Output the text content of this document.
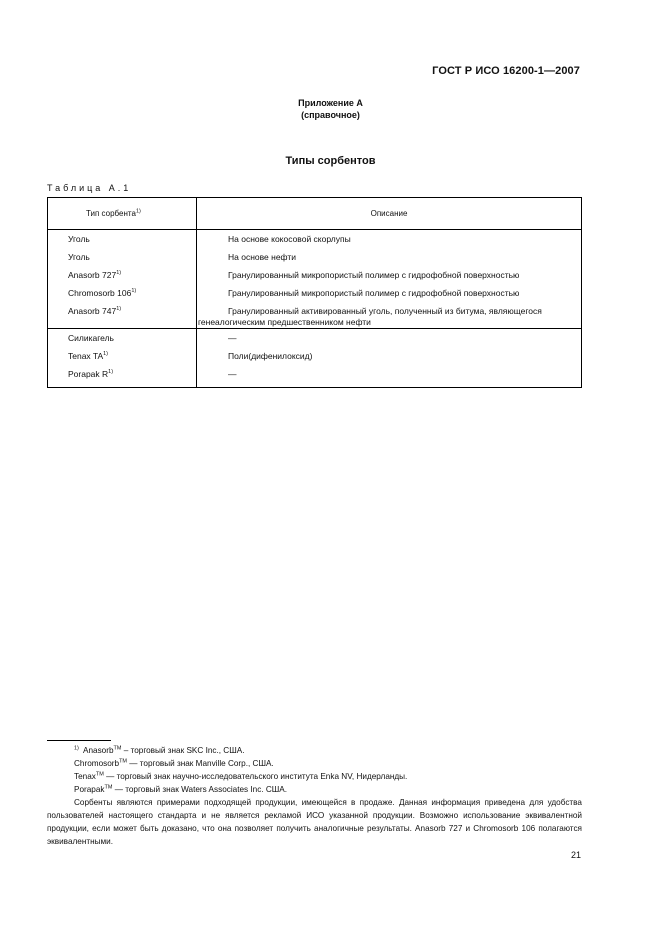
ГОСТ Р ИСО 16200-1—2007
Приложение А
(справочное)
Типы сорбентов
Таблица А.1
Тип сорбента$^{1)}$	Описание
Уголь	На основе кокосовой скорлупы

Уголь	На основе нефти

Anasorb 727$^{1)}$	Гранулированный микропористый полимер с гидрофобной поверхностью

Chromosorb 106$^{1)}$	Гранулированный микропористый полимер с гидрофобной поверхностью

Anasorb 747$^{1)}$	Гранулированный активированный уголь, полученный из битума, являющегося
генеалогическим предшественником нефти

Силикагель	—

Tenax TA$^{1)}$	Поли(дифенилоксид)

Porapak $R^{1)}$	—
$^{1)}$ Anasorb™ – торговый знак SKC Inc., США.
Chromosorb™ — торговый знак Manville Corp., США.
Tenax™ — торговый знак научно-исследовательского института Enka NV, Нидерланды.
Porapak™ — торговый знак Waters Associates Inc. США.
Сорбенты являются примерами подходящей продукции, имеющейся в продаже. Данная информация приведена для удобства пользователей настоящего стандарта и не является рекламой ИСО указанной продукции. Возможно использование эквивалентной продукции, если может быть доказано, что она позволяет получить аналогичные результаты. Anasorb 727 и Chromosorb 106 полагаются эквивалентными.
21
